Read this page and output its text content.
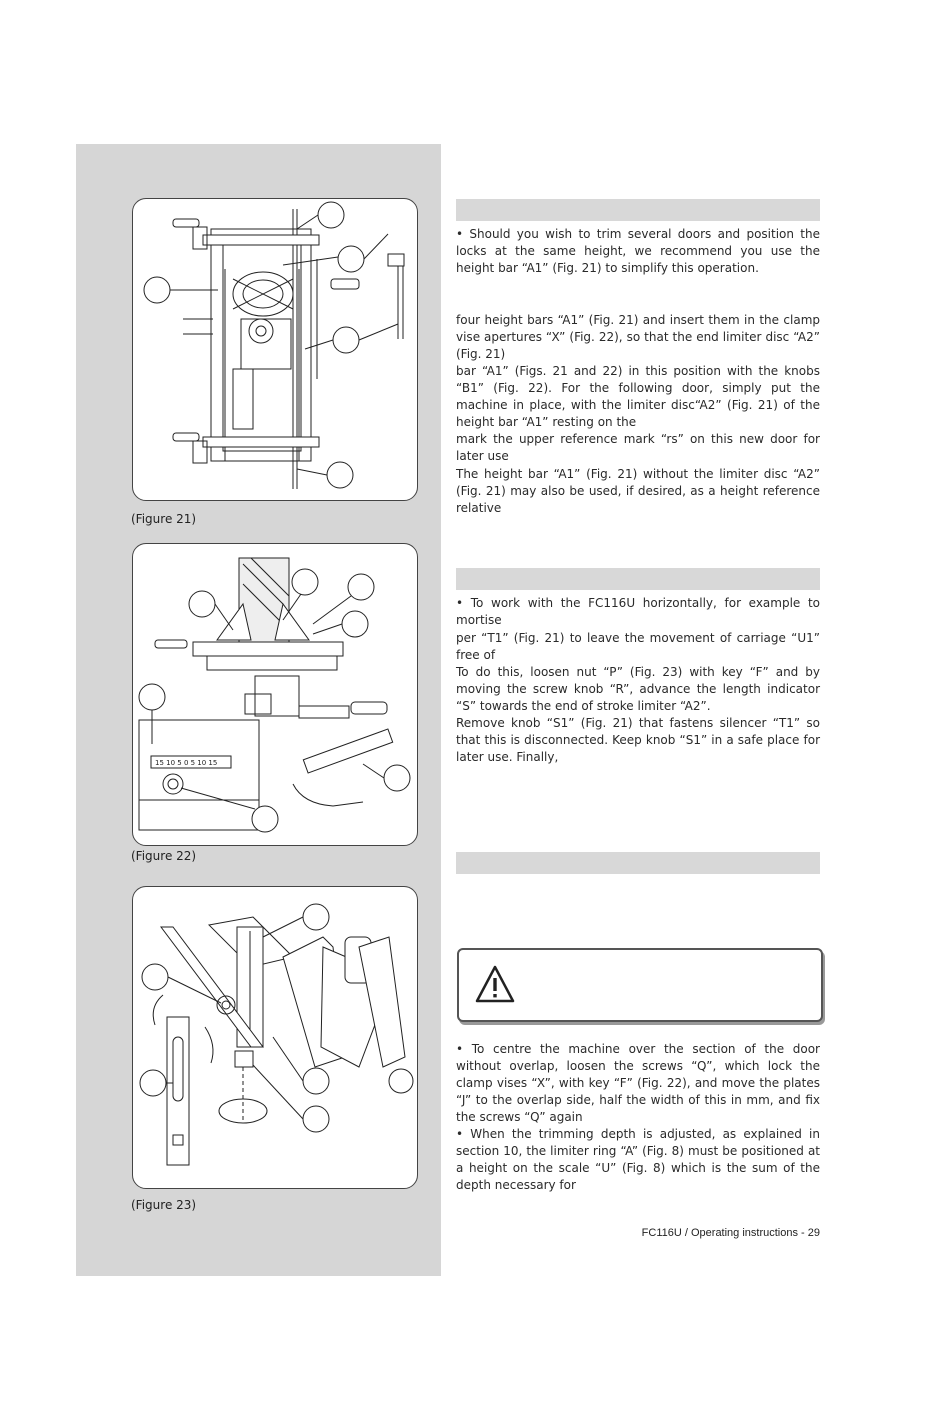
(Figure 21)
15 10 5 0 5 10 15
(Figure 22)
(Figure 23)

• Should you wish to trim several doors and position the locks at the same height, we recommend you use the height bar “A1” (Fig. 21) to simplify this operation.

four height bars “A1” (Fig. 21) and insert them in the clamp vise apertures “X” (Fig. 22), so that the end limiter disc “A2” (Fig. 21)

bar “A1” (Figs. 21 and 22) in this position with the knobs “B1” (Fig. 22). For the following door, simply put the machine in place, with the limiter disc“A2” (Fig. 21) of the height bar “A1” resting on the

mark the upper reference mark “rs” on this new door for later use

The height bar “A1” (Fig. 21) without the limiter disc “A2” (Fig. 21) may also be used, if desired, as a height reference relative

• To work with the FC116U horizontally, for example to mortise

per “T1” (Fig. 21) to leave the movement of carriage “U1” free of

To do this, loosen nut “P” (Fig. 23) with key “F” and by moving the screw knob “R”, advance the length indicator “S” towards the end of stroke limiter “A2”.

Remove knob “S1” (Fig. 21) that fastens silencer “T1” so that this is disconnected. Keep knob “S1” in a safe place for later use. Finally,

• To centre the machine over the section of the door without overlap, loosen the screws “Q”, which lock the clamp vises “X”, with key “F” (Fig. 22), and move the plates “J” to the overlap side, half the width of this in mm, and fix the screws “Q” again

• When the trimming depth is adjusted, as explained in section 10, the limiter ring “A” (Fig. 8) must be positioned at a height on the scale “U” (Fig. 8) which is the sum of the depth necessary for

FC116U / Operating instructions - 29
